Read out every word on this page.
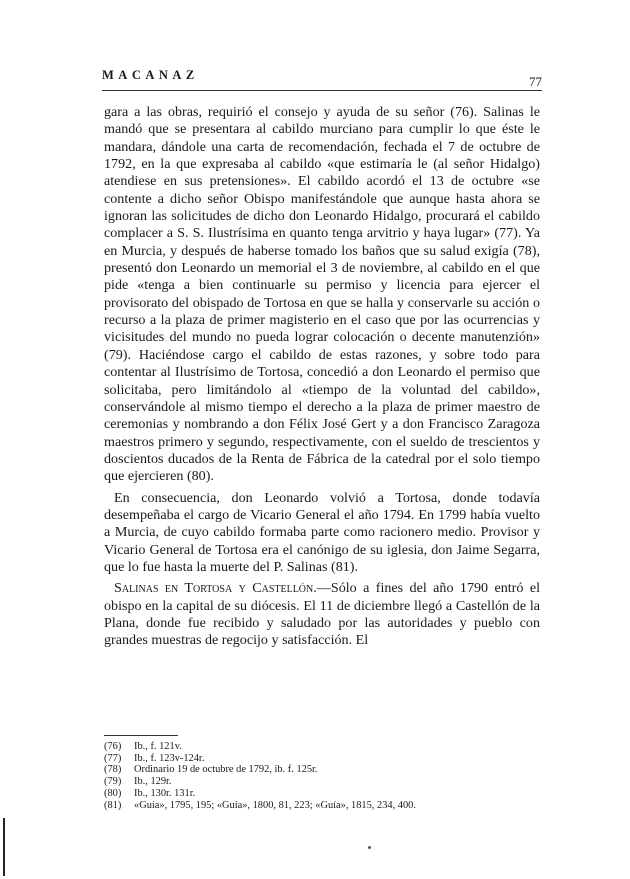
MACANAZ	77

gara a las obras, requirió el consejo y ayuda de su señor (76). Salinas le mandó que se presentara al cabildo murciano para cumplir lo que éste le mandara, dándole una carta de recomendación, fechada el 7 de octubre de 1792, en la que expresaba al cabildo «que estimaría le (al señor Hidalgo) atendiese en sus pretensiones». El cabildo acordó el 13 de octubre «se contente a dicho señor Obispo manifestándole que aunque hasta ahora se ignoran las solicitudes de dicho don Leonardo Hidalgo, procurará el cabildo complacer a S. S. Ilustrísima en quanto tenga arvitrio y haya lugar» (77). Ya en Murcia, y después de haberse tomado los baños que su salud exigía (78), presentó don Leonardo un memorial el 3 de noviembre, al cabildo en el que pide «tenga a bien continuarle su permiso y licencia para ejercer el provisorato del obispado de Tortosa en que se halla y conservarle su acción o recurso a la plaza de primer magisterio en el caso que por las ocurrencias y vicisitudes del mundo no pueda lograr colocación o decente manutenzión» (79). Haciéndose cargo el cabildo de estas razones, y sobre todo para contentar al Ilustrísimo de Tortosa, concedió a don Leonardo el permiso que solicitaba, pero limitándolo al «tiempo de la voluntad del cabildo», conservándole al mismo tiempo el derecho a la plaza de primer maestro de ceremonias y nombrando a don Félix José Gert y a don Francisco Zaragoza maestros primero y segundo, respectivamente, con el sueldo de trescientos y doscientos ducados de la Renta de Fábrica de la catedral por el solo tiempo que ejercieren (80).

En consecuencia, don Leonardo volvió a Tortosa, donde todavía desempeñaba el cargo de Vicario General el año 1794. En 1799 había vuelto a Murcia, de cuyo cabildo formaba parte como racionero medio. Provisor y Vicario General de Tortosa era el canónigo de su iglesia, don Jaime Segarra, que lo fue hasta la muerte del P. Salinas (81).

Salinas en Tortosa y Castellón.—Sólo a fines del año 1790 entró el obispo en la capital de su diócesis. El 11 de diciembre llegó a Castellón de la Plana, donde fue recibido y saludado por las autoridades y pueblo con grandes muestras de regocijo y satisfacción. El

(76) Ib., f. 121v.
(77) Ib., f. 123v-124r.
(78) Ordinario 19 de octubre de 1792, ib. f. 125r.
(79) Ib., 129r.
(80) Ib., 130r. 131r.
(81) «Guía», 1795, 195; «Guía», 1800, 81, 223; «Guía», 1815, 234, 400.
